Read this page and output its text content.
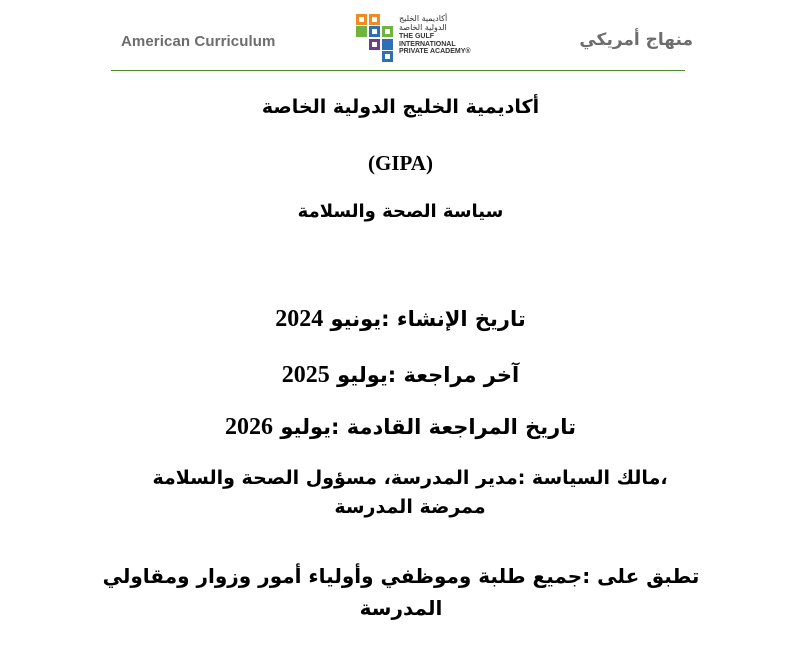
American Curriculum
أكاديمية الخليج
الدولية الخاصة
THE GULF
INTERNATIONAL
PRIVATE ACADEMY®
منهاج أمريكي
أكاديمية الخليج الدولية الخاصة
(GIPA)
سياسة الصحة والسلامة
تاريخ الإنشاء :يونيو 2024
آخر مراجعة :يوليو 2025
تاريخ المراجعة القادمة :يوليو 2026
،مالك السياسة :مدير المدرسة، مسؤول الصحة والسلامة
ممرضة المدرسة
تطبق على :جميع طلبة وموظفي وأولياء أمور وزوار ومقاولي
المدرسة
